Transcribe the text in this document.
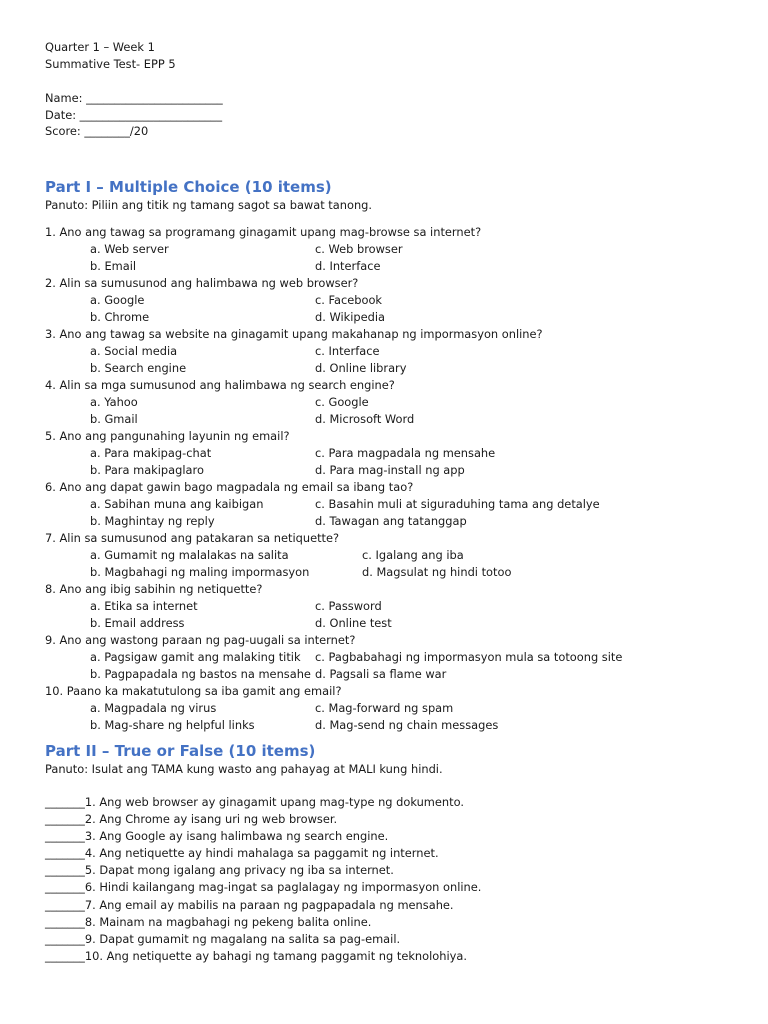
Quarter 1 – Week 1
Summative Test- EPP 5
Name: ________________________
Date: _________________________
Score: ________/20
Part I – Multiple Choice (10 items)
Panuto: Piliin ang titik ng tamang sagot sa bawat tanong.
1. Ano ang tawag sa programang ginagamit upang mag-browse sa internet?
a. Web server	c. Web browser
b. Email	d. Interface
2. Alin sa sumusunod ang halimbawa ng web browser?
a. Google	c. Facebook
b. Chrome	d. Wikipedia
3. Ano ang tawag sa website na ginagamit upang makahanap ng impormasyon online?
a. Social media	c. Interface
b. Search engine	d. Online library
4. Alin sa mga sumusunod ang halimbawa ng search engine?
a. Yahoo	c. Google
b. Gmail	d. Microsoft Word
5. Ano ang pangunahing layunin ng email?
a. Para makipag-chat	c. Para magpadala ng mensahe
b. Para makipaglaro	d. Para mag-install ng app
6. Ano ang dapat gawin bago magpadala ng email sa ibang tao?
a. Sabihan muna ang kaibigan	c. Basahin muli at siguraduhing tama ang detalye
b. Maghintay ng reply	d. Tawagan ang tatanggap
7. Alin sa sumusunod ang patakaran sa netiquette?
a. Gumamit ng malalakas na salita	c. Igalang ang iba
b. Magbahagi ng maling impormasyon	d. Magsulat ng hindi totoo
8. Ano ang ibig sabihin ng netiquette?
a. Etika sa internet	c. Password
b. Email address	d. Online test
9. Ano ang wastong paraan ng pag-uugali sa internet?
a. Pagsigaw gamit ang malaking titik	c. Pagbabahagi ng impormasyon mula sa totoong site
b. Pagpapadala ng bastos na mensahe d. Pagsali sa flame war
10. Paano ka makatutulong sa iba gamit ang email?
a. Magpadala ng virus	c. Mag-forward ng spam
b. Mag-share ng helpful links	d. Mag-send ng chain messages
Part II – True or False (10 items)
Panuto: Isulat ang TAMA kung wasto ang pahayag at MALI kung hindi.
_______1. Ang web browser ay ginagamit upang mag-type ng dokumento.
_______2. Ang Chrome ay isang uri ng web browser.
_______3. Ang Google ay isang halimbawa ng search engine.
_______4. Ang netiquette ay hindi mahalaga sa paggamit ng internet.
_______5. Dapat mong igalang ang privacy ng iba sa internet.
_______6. Hindi kailangang mag-ingat sa paglalagay ng impormasyon online.
_______7. Ang email ay mabilis na paraan ng pagpapadala ng mensahe.
_______8. Mainam na magbahagi ng pekeng balita online.
_______9. Dapat gumamit ng magalang na salita sa pag-email.
_______10. Ang netiquette ay bahagi ng tamang paggamit ng teknolohiya.
